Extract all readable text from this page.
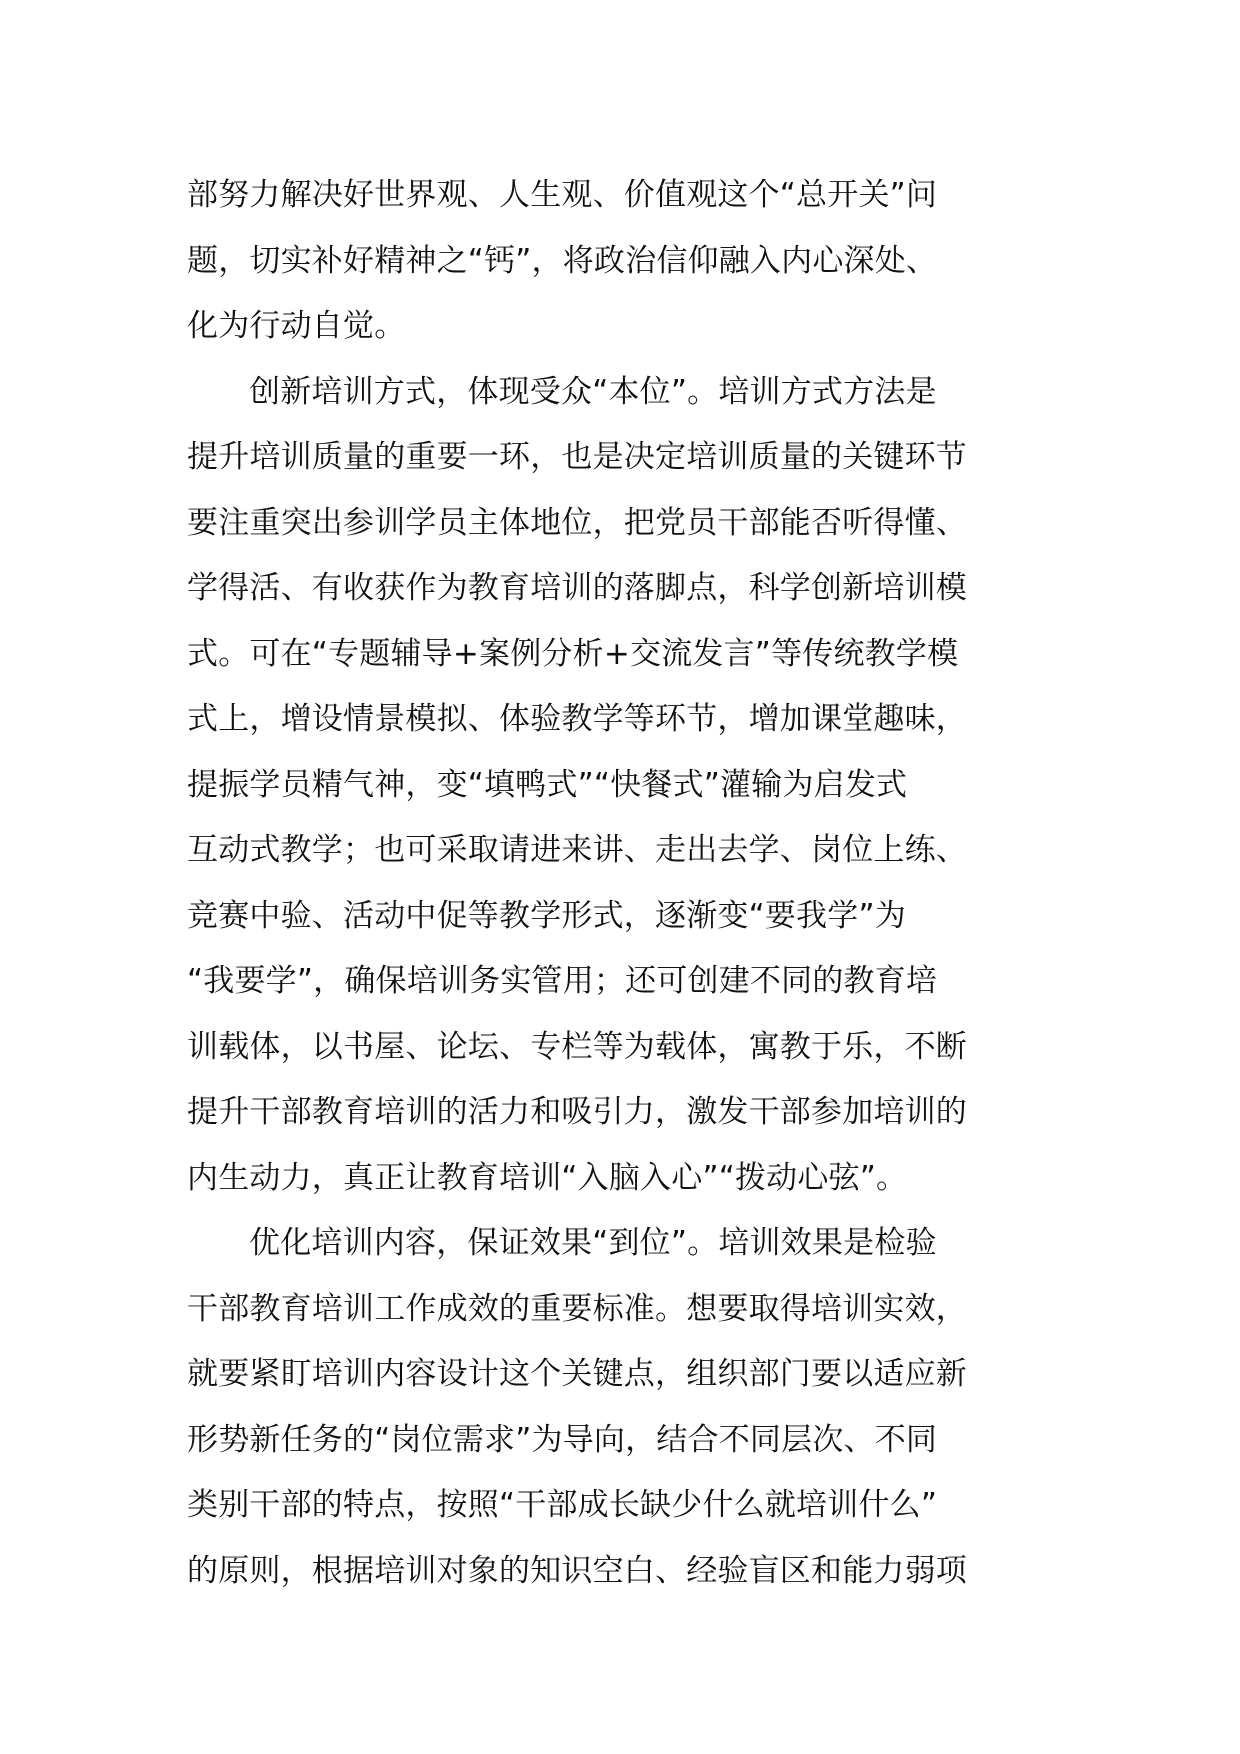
部努力解决好世界观、人生观、价值观这个“总开关”问
题，切实补好精神之“钙”，将政治信仰融入内心深处、
化为行动自觉。
创新培训方式，体现受众“本位”。培训方式方法是
提升培训质量的重要一环，也是决定培训质量的关键环节
要注重突出参训学员主体地位，把党员干部能否听得懂、
学得活、有收获作为教育培训的落脚点，科学创新培训模
式。可在“专题辅导+案例分析+交流发言”等传统教学模
式上，增设情景模拟、体验教学等环节，增加课堂趣味，
提振学员精气神，变“填鸭式”“快餐式”灌输为启发式
互动式教学；也可采取请进来讲、走出去学、岗位上练、
竞赛中验、活动中促等教学形式，逐渐变“要我学”为
“我要学”，确保培训务实管用；还可创建不同的教育培
训载体，以书屋、论坛、专栏等为载体，寓教于乐，不断
提升干部教育培训的活力和吸引力，激发干部参加培训的
内生动力，真正让教育培训“入脑入心”“拨动心弦”。
优化培训内容，保证效果“到位”。培训效果是检验
干部教育培训工作成效的重要标准。想要取得培训实效，
就要紧盯培训内容设计这个关键点，组织部门要以适应新
形势新任务的“岗位需求”为导向，结合不同层次、不同
类别干部的特点，按照“干部成长缺少什么就培训什么”
的原则，根据培训对象的知识空白、经验盲区和能力弱项
